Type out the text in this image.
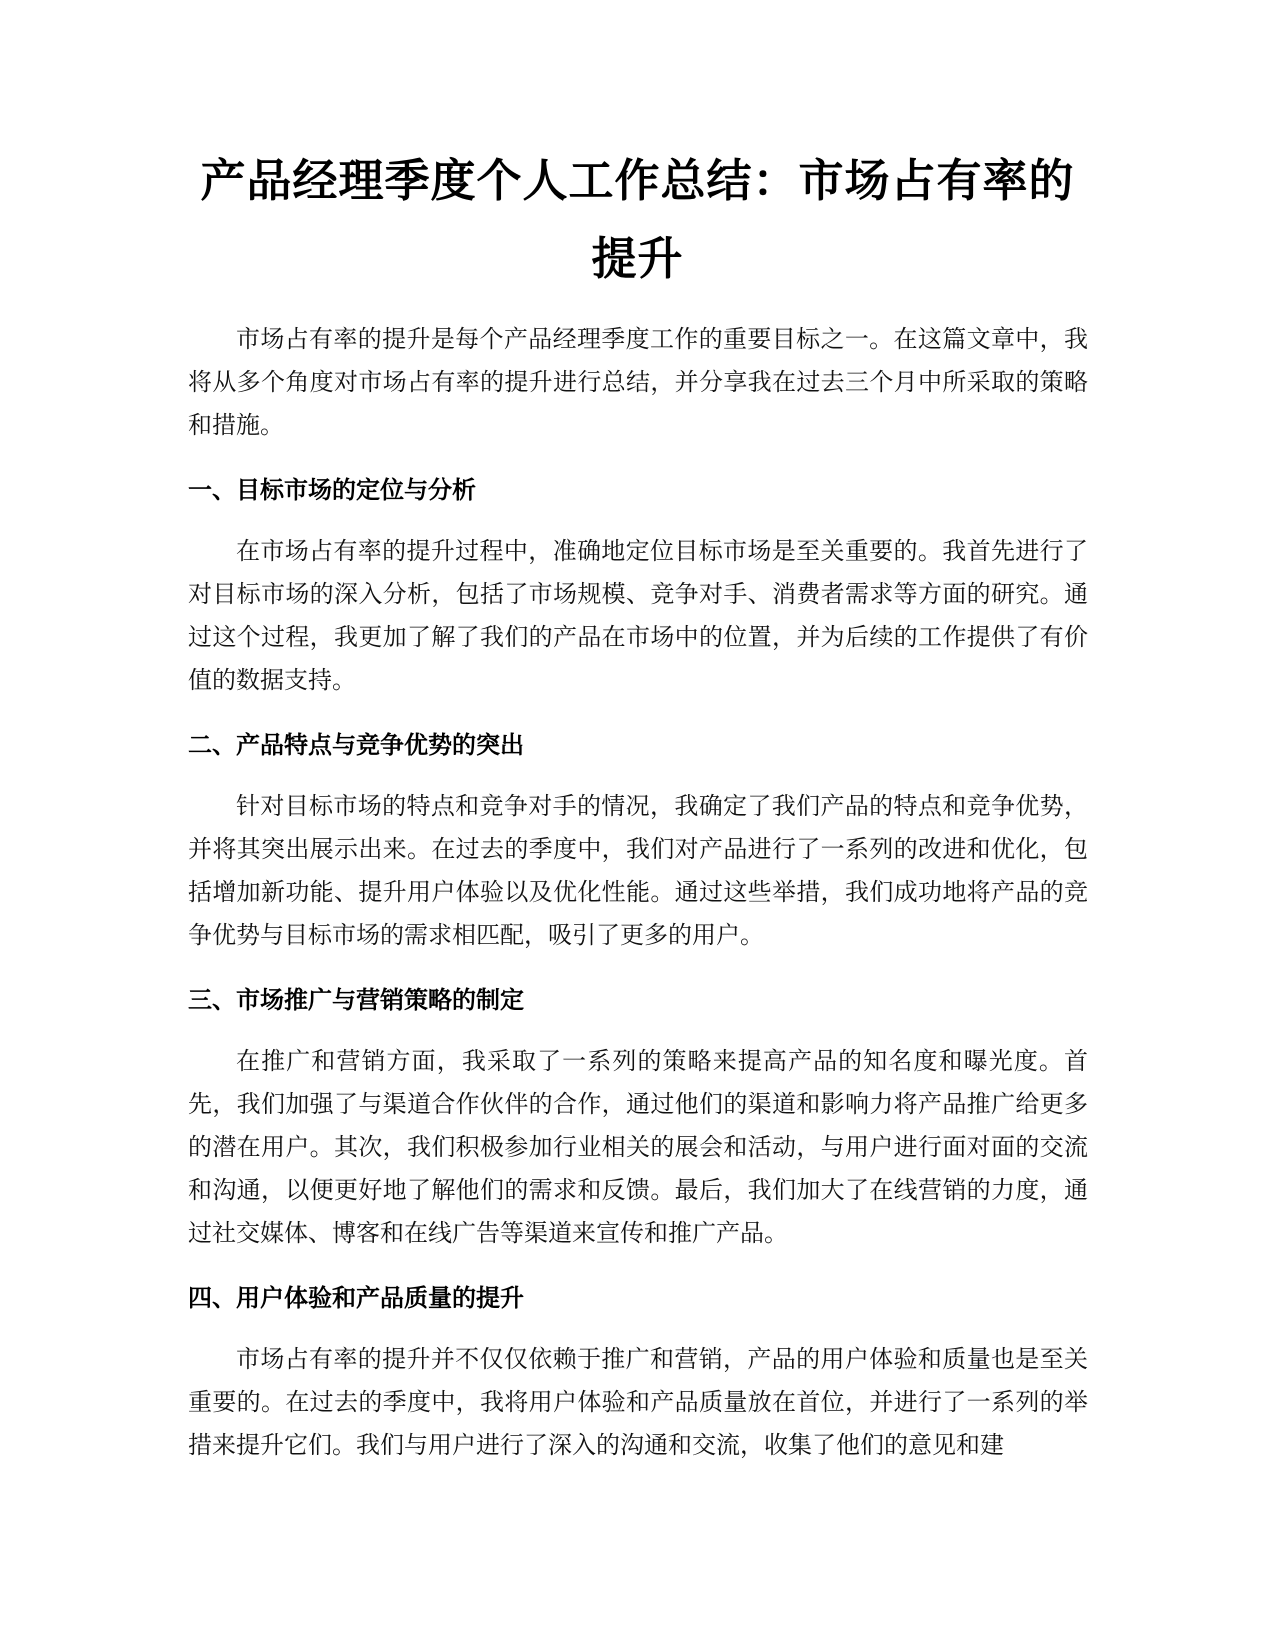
产品经理季度个人工作总结：市场占有率的
提升

市场占有率的提升是每个产品经理季度工作的重要目标之一。在这篇文章中，我将从多个角度对市场占有率的提升进行总结，并分享我在过去三个月中所采取的策略和措施。

一、目标市场的定位与分析

在市场占有率的提升过程中，准确地定位目标市场是至关重要的。我首先进行了对目标市场的深入分析，包括了市场规模、竞争对手、消费者需求等方面的研究。通过这个过程，我更加了解了我们的产品在市场中的位置，并为后续的工作提供了有价值的数据支持。

二、产品特点与竞争优势的突出

针对目标市场的特点和竞争对手的情况，我确定了我们产品的特点和竞争优势，并将其突出展示出来。在过去的季度中，我们对产品进行了一系列的改进和优化，包括增加新功能、提升用户体验以及优化性能。通过这些举措，我们成功地将产品的竞争优势与目标市场的需求相匹配，吸引了更多的用户。

三、市场推广与营销策略的制定

在推广和营销方面，我采取了一系列的策略来提高产品的知名度和曝光度。首先，我们加强了与渠道合作伙伴的合作，通过他们的渠道和影响力将产品推广给更多的潜在用户。其次，我们积极参加行业相关的展会和活动，与用户进行面对面的交流和沟通，以便更好地了解他们的需求和反馈。最后，我们加大了在线营销的力度，通过社交媒体、博客和在线广告等渠道来宣传和推广产品。

四、用户体验和产品质量的提升

市场占有率的提升并不仅仅依赖于推广和营销，产品的用户体验和质量也是至关重要的。在过去的季度中，我将用户体验和产品质量放在首位，并进行了一系列的举措来提升它们。我们与用户进行了深入的沟通和交流，收集了他们的意见和建
